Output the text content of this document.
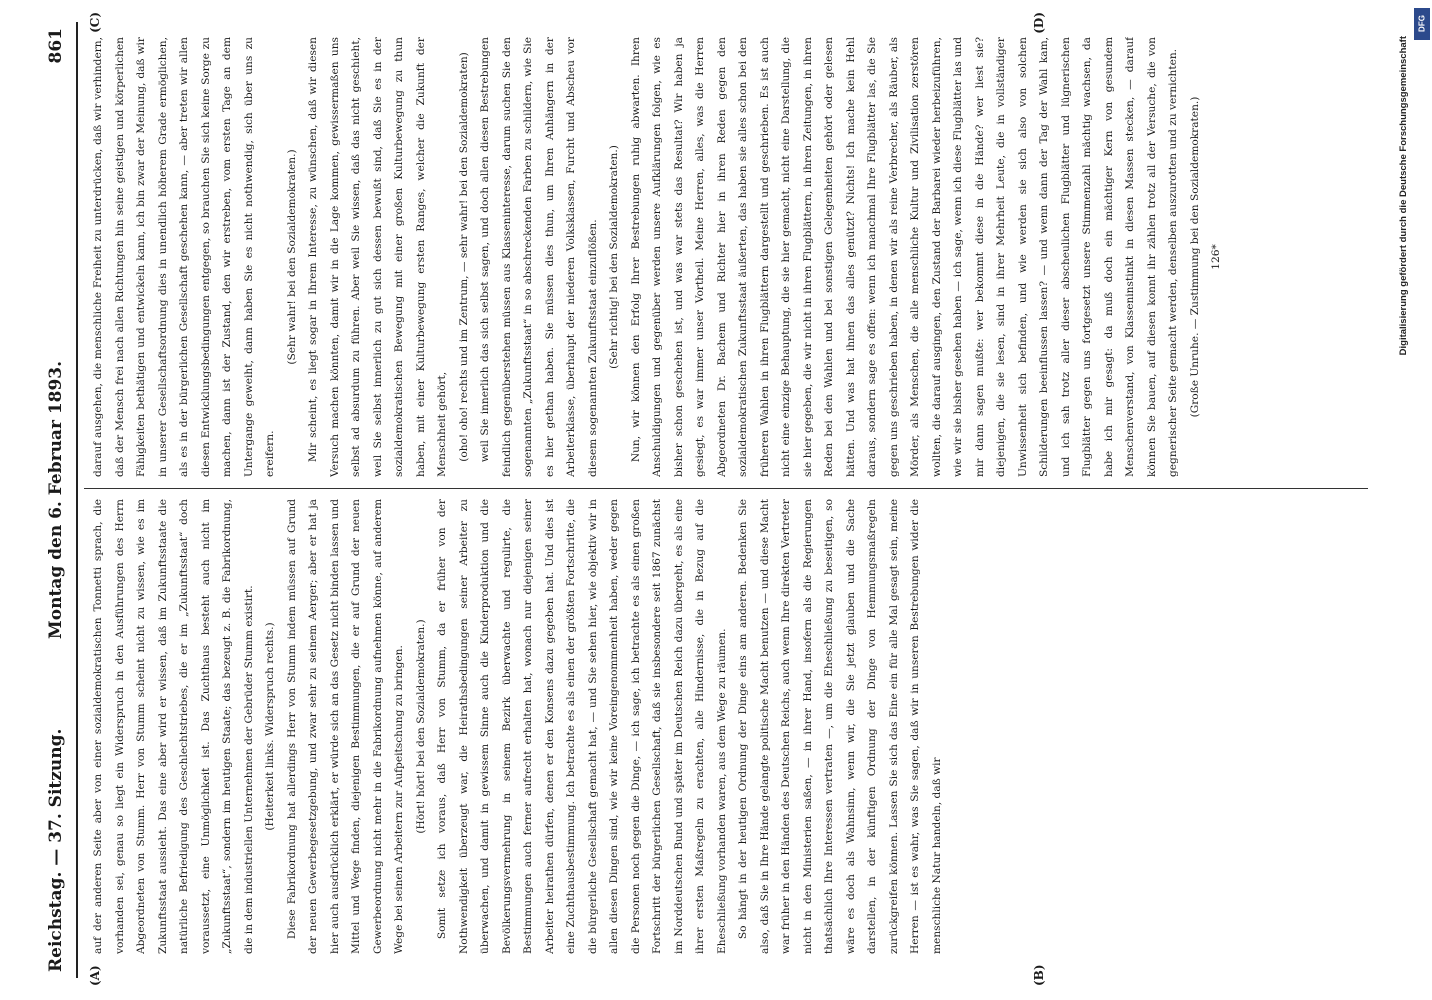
Reichstag. — 37. Sitzung.
Montag den 6. Februar 1893.
861
(A)	(B)
(C)	(D)

auf der anderen Seite aber von einer sozialdemokratischen Tonnetti sprach, die vorhanden sei, genau so liegt ein Widerspruch in den Ausführungen des Herrn Abgeordneten von Stumm. Herr von Stumm scheint nicht zu wissen, wie es im Zukunftsstaat aussieht. Das eine aber wird er wissen, daß im Zukunftsstaate die natürliche Befriedigung des Geschlechtstriebes, die er im „Zukunftsstaat“ doch voraussetzt, eine Unmöglichkeit ist. Das Zuchthaus besteht auch nicht im „Zukunftsstaat“, sondern im heutigen Staate; das bezeugt z. B. die Fabrikordnung, die in dem industriellen Unternehmen der Gebrüder Stumm existirt. (Heiterkeit links. Widerspruch rechts.) Diese Fabrikordnung hat allerdings Herr von Stumm indem müssen auf Grund der neuen Gewerbegesetzgebung, und zwar sehr zu seinem Aerger; aber er hat ja hier auch ausdrücklich erklärt, er würde sich an das Gesetz nicht binden lassen und Mittel und Wege finden, diejenigen Bestimmungen, die er auf Grund der neuen Gewerbeordnung nicht mehr in die Fabrikordnung aufnehmen könne, auf anderem Wege bei seinen Arbeitern zur Aufpeitschung zu bringen. (Hört! hört! bei den Sozialdemokraten.) Somit setze ich voraus, daß Herr von Stumm, da er früher von der Nothwendigkeit überzeugt war, die Heirathsbedingungen seiner Arbeiter zu überwachen, und damit in gewissem Sinne auch die Kinderproduktion und die Bevölkerungsvermehrung in seinem Bezirk überwachte und regulirte, die Bestimmungen auch ferner aufrecht erhalten hat, wonach nur diejenigen seiner Arbeiter heirathen dürfen, denen er den Konsens dazu gegeben hat. Und dies ist eine Zuchthausbestimmung. Ich betrachte es als einen der größten Fortschritte, die die bürgerliche Gesellschaft gemacht hat, — und Sie sehen hier, wie objektiv wir in allen diesen Dingen sind, wie wir keine Voreingenommenheit haben, weder gegen die Personen noch gegen die Dinge, — ich sage, ich betrachte es als einen großen Fortschritt der bürgerlichen Gesellschaft, daß sie insbesondere seit 1867 zunächst im Norddeutschen Bund und später im Deutschen Reich dazu übergeht, es als eine ihrer ersten Maßregeln zu erachten, alle Hindernisse, die in Bezug auf die Eheschließung vorhanden waren, aus dem Wege zu räumen. So hängt in der heutigen Ordnung der Dinge eins am anderen. Bedenken Sie also, daß Sie in Ihre Hände gelangte politische Macht benutzen — und diese Macht war früher in den Händen des Deutschen Reichs, auch wenn Ihre direkten Vertreter nicht in den Ministerien saßen, — in ihrer Hand, insofern als die Regierungen thatsächlich Ihre Interessen vertraten —, um die Eheschließung zu beseitigen, so wäre es doch als Wahnsinn, wenn wir, die Sie jetzt glauben und die Sache darstellen, in der künftigen Ordnung der Dinge von Hemmungsmaßregeln zurückgreifen können. Lassen Sie sich das Eine ein für alle Mal gesagt sein, meine Herren — ist es wahr, was Sie sagen, daß wir in unseren Bestrebungen wider die menschliche Natur handeln, daß wir

darauf ausgehen, die menschliche Freiheit zu unterdrücken, daß wir verhindern, daß der Mensch frei nach allen Richtungen hin seine geistigen und körperlichen Fähigkeiten bethätigen und entwickeln kann, ich bin zwar der Meinung, daß wir in unserer Gesellschaftsordnung dies in unendlich höherem Grade ermöglichen, als es in der bürgerlichen Gesellschaft geschehen kann, — aber treten wir allen diesen Entwicklungsbedingungen entgegen, so brauchen Sie sich keine Sorge zu machen, dann ist der Zustand, den wir erstreben, vom ersten Tage an dem Untergange geweiht, dann haben Sie es nicht nothwendig, sich über uns zu ereifern.

(Sehr wahr! bei den Sozialdemokraten.) Mir scheint, es liegt sogar in Ihrem Interesse, zu wünschen, daß wir diesen Versuch machen könnten, damit wir in die Lage kommen, gewissermaßen uns selbst ad absurdum zu führen. Aber weil Sie wissen, daß das nicht geschieht, weil Sie selbst innerlich zu gut sich dessen bewußt sind, daß Sie es in der sozialdemokratischen Bewegung mit einer großen Kulturbewegung zu thun haben, mit einer Kulturbewegung ersten Ranges, welcher die Zukunft der Menschheit gehört, (oho! oho! rechts und im Zentrum, — sehr wahr! bei den Sozialdemokraten) weil Sie innerlich das sich selbst sagen, und doch allen diesen Bestrebungen feindlich gegenüberstehen müssen aus Klasseninteresse, darum suchen Sie den sogenannten „Zukunftsstaat“ in so abschreckenden Farben zu schildern, wie Sie es hier gethan haben. Sie müssen dies thun, um Ihren Anhängern in der Arbeiterklasse, überhaupt der niederen Volksklassen, Furcht und Abscheu vor diesem sogenannten Zukunftsstaat einzuflößen. (Sehr richtig! bei den Sozialdemokraten.) Nun, wir können den Erfolg Ihrer Bestrebungen ruhig abwarten. Ihren Anschuldigungen und gegenüber werden unsere Aufklärungen folgen, wie es bisher schon geschehen ist, und was war stets das Resultat? Wir haben ja gesiegt, es war immer unser Vortheil. Meine Herren, alles, was die Herren Abgeordneten Dr. Bachem und Richter hier in ihren Reden gegen den sozialdemokratischen Zukunftsstaat äußerten, das haben sie alles schon bei den früheren Wahlen in ihren Flugblättern dargestellt und geschrieben. Es ist auch nicht eine einzige Behauptung, die sie hier gemacht, nicht eine Darstellung, die sie hier gegeben, die wir nicht in ihren Flugblättern, in ihren Zeitungen, in ihren Reden bei den Wahlen und bei sonstigen Gelegenheiten gehört oder gelesen hätten. Und was hat ihnen das alles genützt? Nichts! Ich mache kein Hehl daraus, sondern sage es offen: wenn ich manchmal Ihre Flugblätter las, die Sie gegen uns geschrieben haben, in denen wir als reine Verbrecher, als Räuber, als Mörder, als Menschen, die alle menschliche Kultur und Zivilisation zerstören wollten, die darauf ausgingen, den Zustand der Barbarei wieder herbeizuführen, wie wir sie bisher gesehen haben — ich sage, wenn ich diese Flugblätter las und mir dann sagen mußte: wer bekommt diese in die Hände? wer liest sie? diejenigen, die sie lesen, sind in ihrer Mehrheit Leute, die in vollständiger Unwissenheit sich befinden, und wie werden sie sich also von solchen Schilderungen beeinflussen lassen? — und wenn dann der Tag der Wahl kam, und ich sah trotz aller dieser abscheulichen Flugblätter und lügnerischen Flugblätter gegen uns fortgesetzt unsere Stimmenzahl mächtig wachsen, da habe ich mir gesagt: da muß doch ein mächtiger Kern von gesundem Menschenverstand, von Klasseninstinkt in diesen Massen stecken, — darauf können Sie bauen, auf diesen konnt ihr zählen trotz all der Versuche, die von gegnerischer Seite gemacht werden, denselben auszurotten und zu vernichten. (Große Unruhe. — Zustimmung bei den Sozialdemokraten.) 126*	Digitalisierung gefördert durch die Deutsche Forschungsgemeinschaft
DFG
